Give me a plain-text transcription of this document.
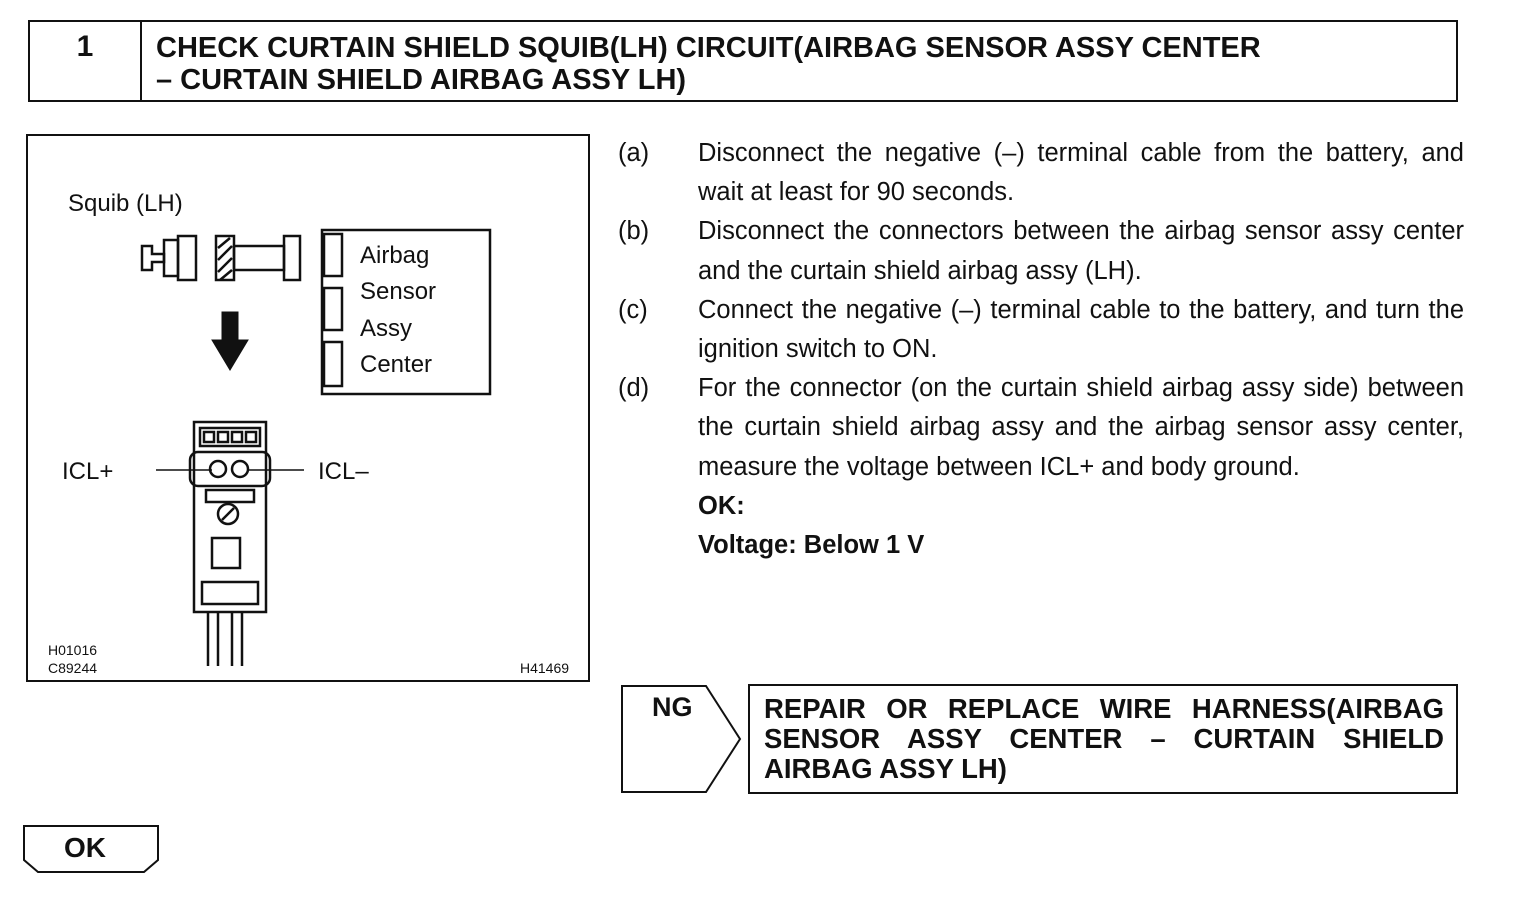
1	CHECK CURTAIN SHIELD SQUIB(LH) CIRCUIT(AIRBAG SENSOR ASSY CENTER
– CURTAIN SHIELD AIRBAG ASSY LH)
Squib (LH)
Airbag
Sensor
Assy
Center
ICL+	ICL–
H01016
C89244	H41469
(a)	Disconnect the negative (–) terminal cable from the battery, and wait at least for 90 seconds.
(b)	Disconnect the connectors between the airbag sensor assy center and the curtain shield airbag assy (LH).
(c)	Connect the negative (–) terminal cable to the battery, and turn the ignition switch to ON.
(d)	For the connector (on the curtain shield airbag assy side) between the curtain shield airbag assy and the airbag sensor assy center, measure the voltage between ICL+ and body ground.
OK:
Voltage: Below 1 V
NG	REPAIR OR REPLACE WIRE HARNESS(AIRBAG SENSOR ASSY CENTER – CURTAIN SHIELD AIRBAG ASSY LH)
OK
